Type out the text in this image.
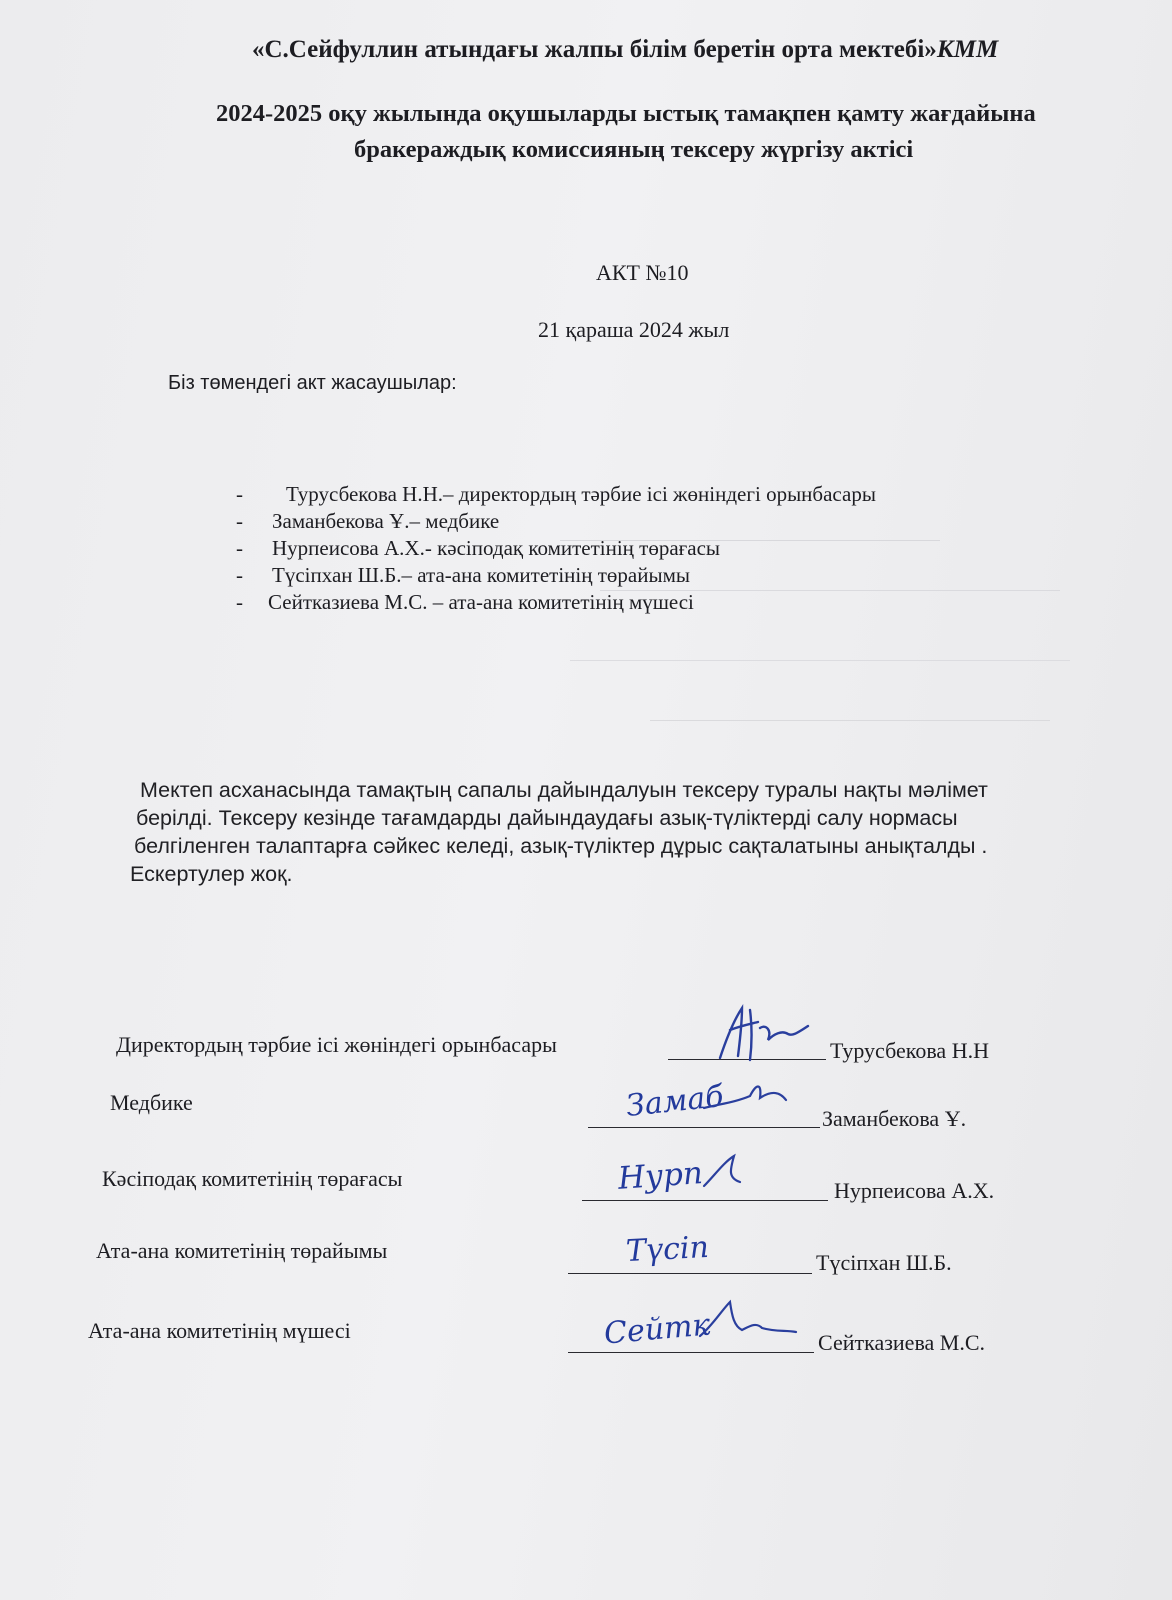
«С.Сейфуллин атындағы жалпы білім беретін орта мектебі»КММ
2024-2025 оқу жылында оқушыларды ыстық тамақпен қамту жағдайына
бракераждық комиссияның тексеру жүргізу актісі
АКТ №10
21 қараша 2024 жыл
Біз төмендегі акт жасаушылар:
- Турусбекова Н.Н.– директордың тәрбие ісі жөніндегі орынбасары
- Заманбекова Ұ.– медбике
- Нурпеисова А.Х.- кәсіподақ комитетінің төрағасы
- Түсіпхан Ш.Б.– ата-ана комитетінің төрайымы
- Сейтказиева М.С. – ата-ана комитетінің мүшесі
Мектеп асханасында тамақтың сапалы дайындалуын тексеру туралы нақты мәлімет
берілді. Тексеру кезінде тағамдарды дайындаудағы азық-түліктерді салу нормасы
белгіленген талаптарға сәйкес келеді, азық-түліктер дұрыс сақталатыны анықталды .
Ескертулер жоқ.
Директордың тәрбие ісі жөніндегі орынбасары	Турусбекова Н.Н
Медбике	Замаб	Заманбекова Ұ.
Кәсіподақ комитетінің төрағасы	Нурп	Нурпеисова А.Х.
Ата-ана комитетінің төрайымы	Түсіп	Түсіпхан Ш.Б.
Ата-ана комитетінің мүшесі	Сейтк	Сейтказиева М.С.
